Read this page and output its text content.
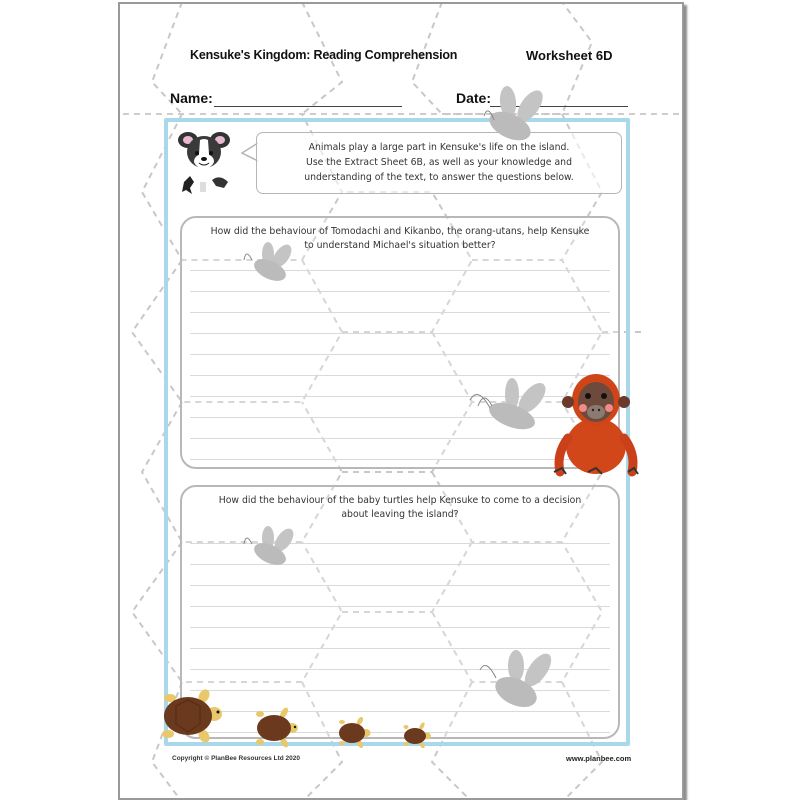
Kensuke's Kingdom: Reading Comprehension	Worksheet 6D
Name:	Date:
Animals play a large part in Kensuke's life on the island.
Use the Extract Sheet 6B, as well as your knowledge and
understanding of the text, to answer the questions below.
How did the behaviour of Tomodachi and Kikanbo, the orang-utans, help Kensuke
to understand Michael's situation better?
How did the behaviour of the baby turtles help Kensuke to come to a decision
about leaving the island?
Copyright © PlanBee Resources Ltd 2020	www.planbee.com
